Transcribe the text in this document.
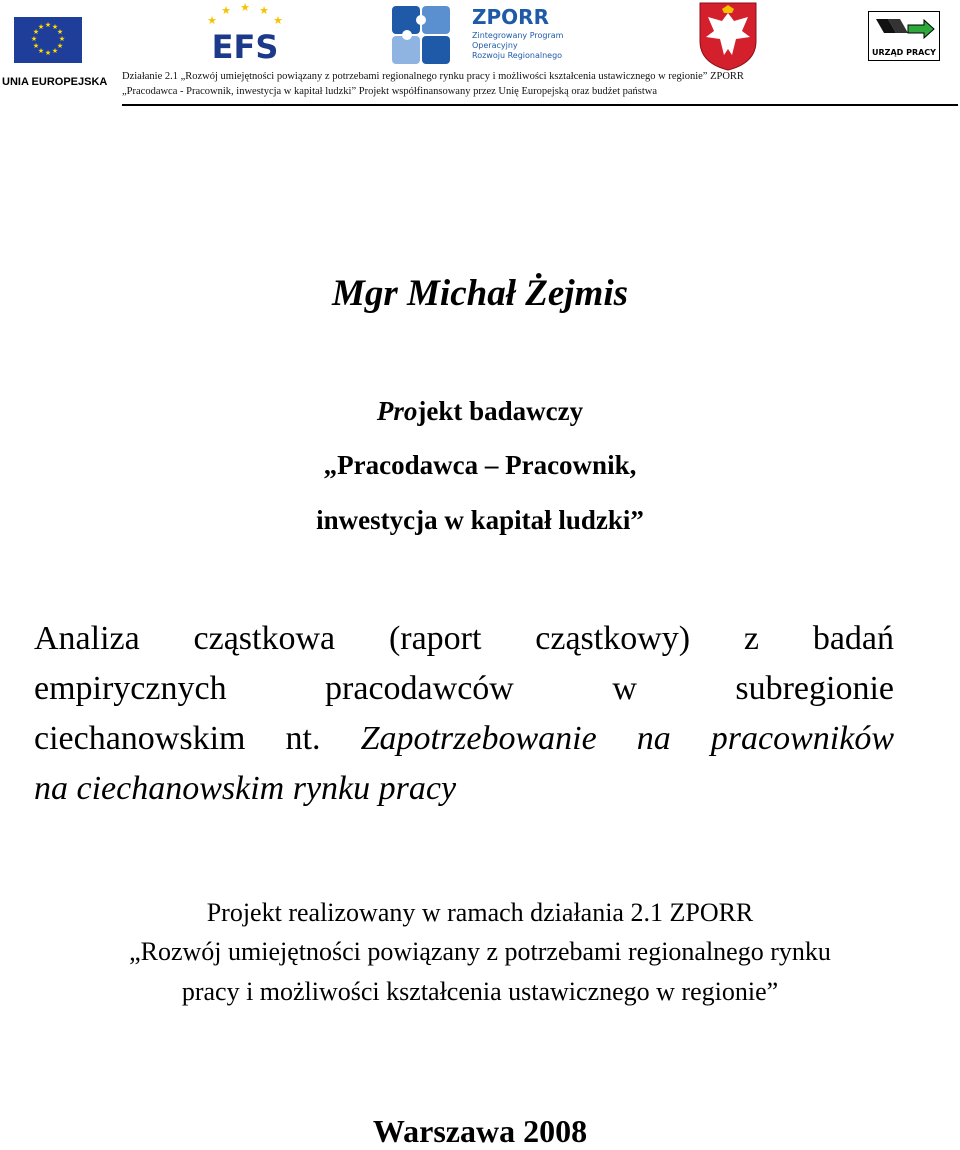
★ ★
★
★
★
★
★
★
★
★
★
★
UNIA EUROPEJSKA
★
★ ★ ★
★
EFS
ZPORR
Zintegrowany Program
Operacyjny
Rozwoju Regionalnego	URZĄD PRACY
Działanie 2.1 „Rozwój umiejętności powiązany z potrzebami regionalnego rynku pracy i możliwości kształcenia ustawicznego w regionie” ZPORR
„Pracodawca - Pracownik, inwestycja w kapitał ludzki” Projekt współfinansowany przez Unię Europejską oraz budżet państwa
Mgr Michał Żejmis
Projekt badawczy
„Pracodawca – Pracownik,
inwestycja w kapitał ludzki”
Analiza cząstkowa (raport cząstkowy) z badań
empirycznych pracodawców w subregionie
ciechanowskim nt. Zapotrzebowanie na pracowników
na ciechanowskim rynku pracy
Projekt realizowany w ramach działania 2.1 ZPORR
„Rozwój umiejętności powiązany z potrzebami regionalnego rynku
pracy i możliwości kształcenia ustawicznego w regionie”
Warszawa 2008
